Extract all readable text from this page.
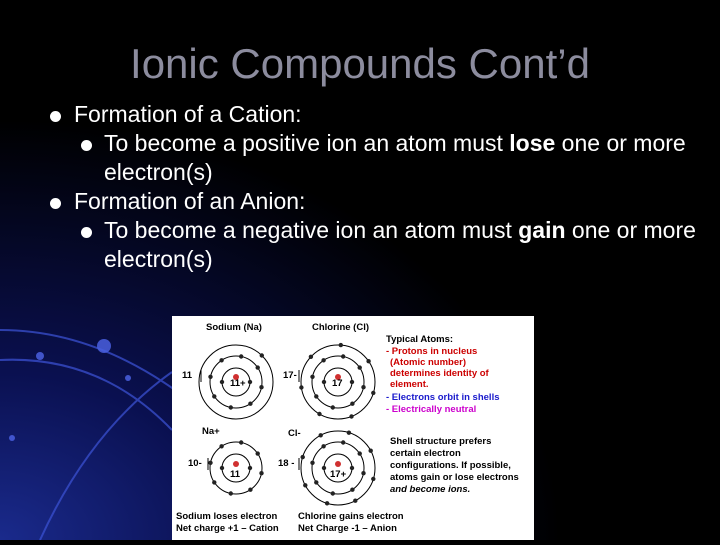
Ionic Compounds Cont’d
Formation of a Cation:
To become a positive ion an atom must lose one or more electron(s)
Formation of an Anion:
To become a negative ion an atom must gain one or more electron(s)
Sodium (Na)	Chlorine (Cl)
11+
11
17
17-
Na+	Cl-
11
10-
17+
18 -
Typical Atoms:
- Protons in nucleus
(Atomic number)
determines identity of
element.
- Electrons orbit in shells
- Electrically neutral
Shell structure prefers
certain electron
configurations. If possible,
atoms gain or lose electrons
and become ions.
Sodium loses electron
Net charge +1 – Cation
Chlorine gains electron
Net Charge -1 – Anion
